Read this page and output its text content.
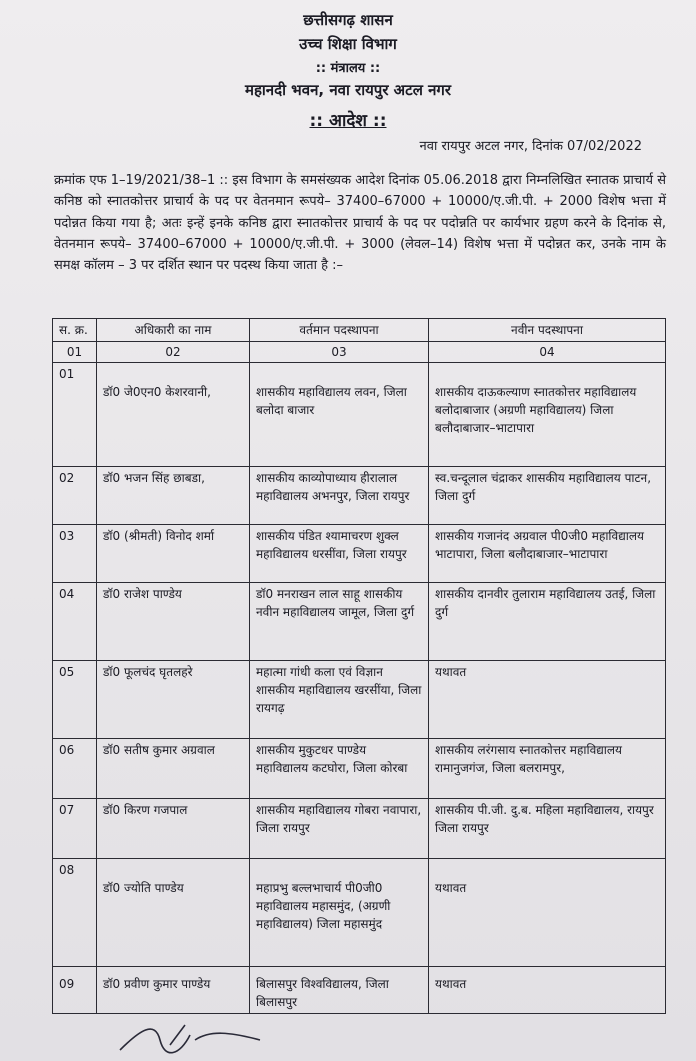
छत्तीसगढ़ शासन
उच्च शिक्षा विभाग
:: मंत्रालय ::
महानदी भवन, नवा रायपुर अटल नगर
:: आदेश ::
नवा रायपुर अटल नगर, दिनांक 07/02/2022

क्रमांक एफ 1–19/2021/38–1 :: इस विभाग के समसंख्यक आदेश दिनांक 05.06.2018 द्वारा निम्नलिखित स्नातक प्राचार्य से कनिष्ठ को स्नातकोत्तर प्राचार्य के पद पर वेतनमान रूपये– 37400–67000 + 10000/ए.जी.पी. + 2000 विशेष भत्ता में पदोन्नत किया गया है; अतः इन्हें इनके कनिष्ठ द्वारा स्नातकोत्तर प्राचार्य के पद पर पदोन्नति पर कार्यभार ग्रहण करने के दिनांक से, वेतनमान रूपये– 37400–67000 + 10000/ए.जी.पी. + 3000 (लेवल–14) विशेष भत्ता में पदोन्नत कर, उनके नाम के समक्ष कॉलम – 3 पर दर्शित स्थान पर पदस्थ किया जाता है :–

स. क्र.	अधिकारी का नाम	वर्तमान पदस्थापना	नवीन पदस्थापना
01	02	03	04
01	डॉ0 जे0एन0 केशरवानी,	शासकीय महाविद्यालय लवन, जिला बलोदा बाजार	शासकीय दाऊकल्याण स्नातकोत्तर महाविद्यालय बलोदाबाजार (अग्रणी महाविद्यालय) जिला बलौदाबाजार–भाटापारा
02	डॉ0 भजन सिंह छाबडा,	शासकीय काव्योपाध्याय हीरालाल महाविद्यालय अभनपुर, जिला रायपुर	स्व.चन्दूलाल चंद्राकर शासकीय महाविद्यालय पाटन, जिला दुर्ग
03	डॉ0 (श्रीमती) विनोद शर्मा	शासकीय पंडित श्यामाचरण शुक्ल महाविद्यालय धरसींवा, जिला रायपुर	शासकीय गजानंद अग्रवाल पी0जी0 महाविद्यालय भाटापारा, जिला बलौदाबाजार–भाटापारा
04	डॉ0 राजेश पाण्डेय	डॉ0 मनराखन लाल साहू शासकीय नवीन महाविद्यालय जामूल, जिला दुर्ग	शासकीय दानवीर तुलाराम महाविद्यालय उतई, जिला दुर्ग
05	डॉ0 फूलचंद घृतलहरे	महात्मा गांधी कला एवं विज्ञान शासकीय महाविद्यालय खरसींया, जिला रायगढ़	यथावत
06	डॉ0 सतीष कुमार अग्रवाल	शासकीय मुकुटधर पाण्डेय महाविद्यालय कटघोरा, जिला कोरबा	शासकीय लरंगसाय स्नातकोत्तर महाविद्यालय रामानुजगंज, जिला बलरामपुर,
07	डॉ0 किरण गजपाल	शासकीय महाविद्यालय गोबरा नवापारा, जिला रायपुर	शासकीय पी.जी. दु.ब. महिला महाविद्यालय, रायपुर जिला रायपुर
08	डॉ0 ज्योति पाण्डेय	महाप्रभु बल्लभाचार्य पी0जी0 महाविद्यालय महासमुंद, (अग्रणी महाविद्यालय) जिला महासमुंद	यथावत
09	डॉ0 प्रवीण कुमार पाण्डेय	बिलासपुर विश्वविद्यालय, जिला बिलासपुर	यथावत
